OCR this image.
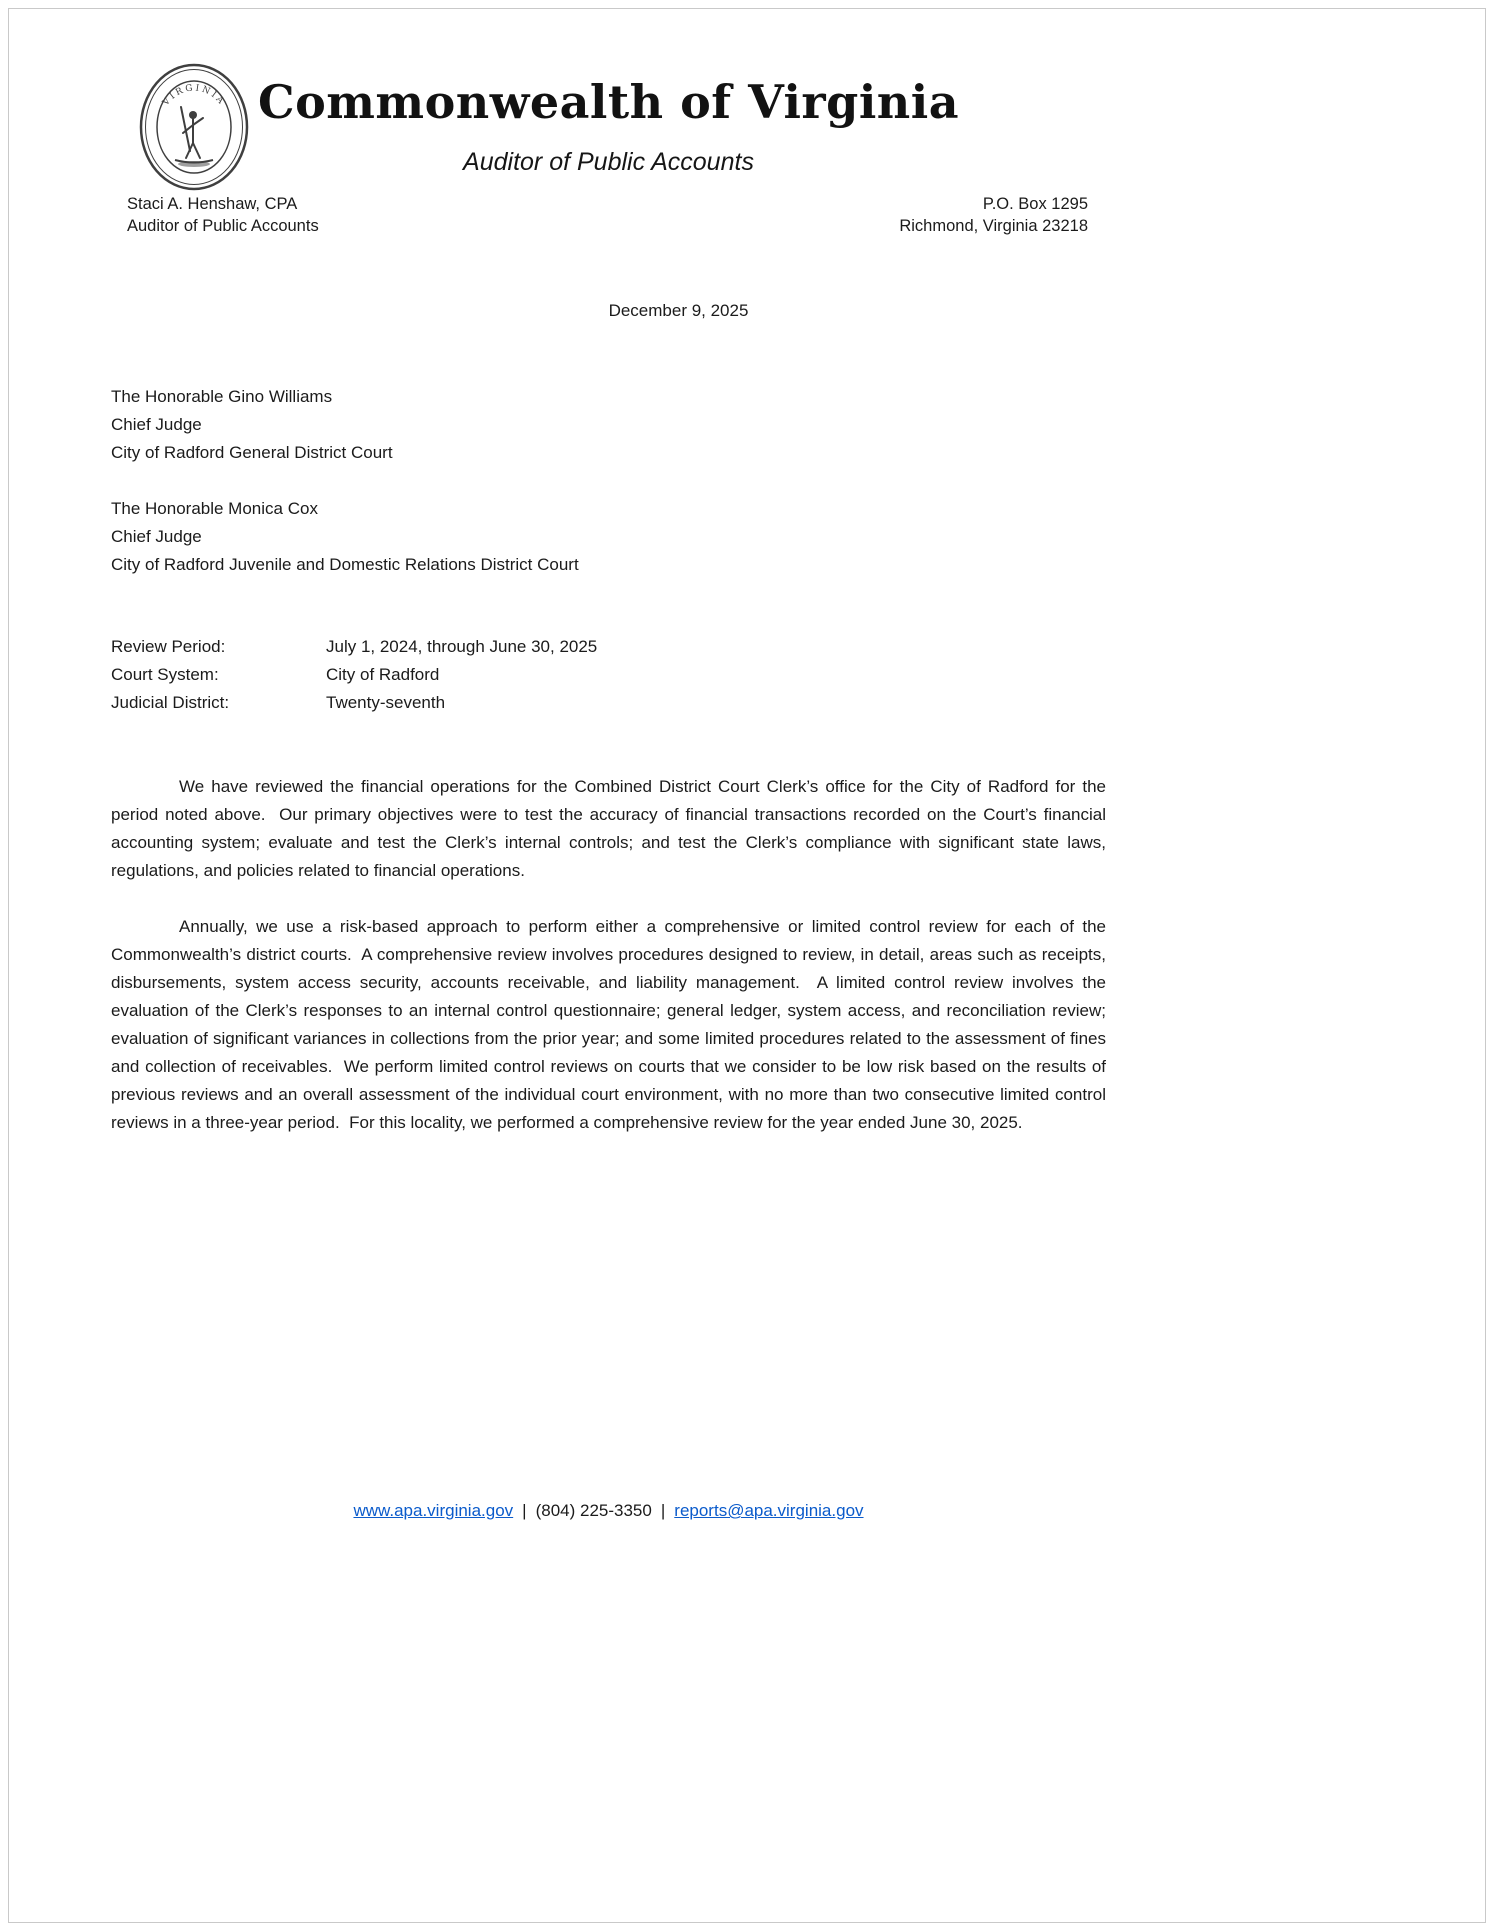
VIRGINIA Commonwealth of Virginia
Auditor of Public Accounts
Staci A. Henshaw, CPA
Auditor of Public Accounts
P.O. Box 1295
Richmond, Virginia 23218
December 9, 2025
The Honorable Gino Williams
Chief Judge
City of Radford General District Court
The Honorable Monica Cox
Chief Judge
City of Radford Juvenile and Domestic Relations District Court
Review Period:	July 1, 2024, through June 30, 2025
Court System:	City of Radford
Judicial District:	Twenty-seventh

We have reviewed the financial operations for the Combined District Court Clerk’s office for the City of Radford for the period noted above.  Our primary objectives were to test the accuracy of financial transactions recorded on the Court’s financial accounting system; evaluate and test the Clerk’s internal controls; and test the Clerk’s compliance with significant state laws, regulations, and policies related to financial operations.

Annually, we use a risk-based approach to perform either a comprehensive or limited control review for each of the Commonwealth’s district courts.  A comprehensive review involves procedures designed to review, in detail, areas such as receipts, disbursements, system access security, accounts receivable, and liability management.  A limited control review involves the evaluation of the Clerk’s responses to an internal control questionnaire; general ledger, system access, and reconciliation review; evaluation of significant variances in collections from the prior year; and some limited procedures related to the assessment of fines and collection of receivables.  We perform limited control reviews on courts that we consider to be low risk based on the results of previous reviews and an overall assessment of the individual court environment, with no more than two consecutive limited control reviews in a three-year period.  For this locality, we performed a comprehensive review for the year ended June 30, 2025.

www.apa.virginia.gov | (804) 225-3350 | reports@apa.virginia.gov
